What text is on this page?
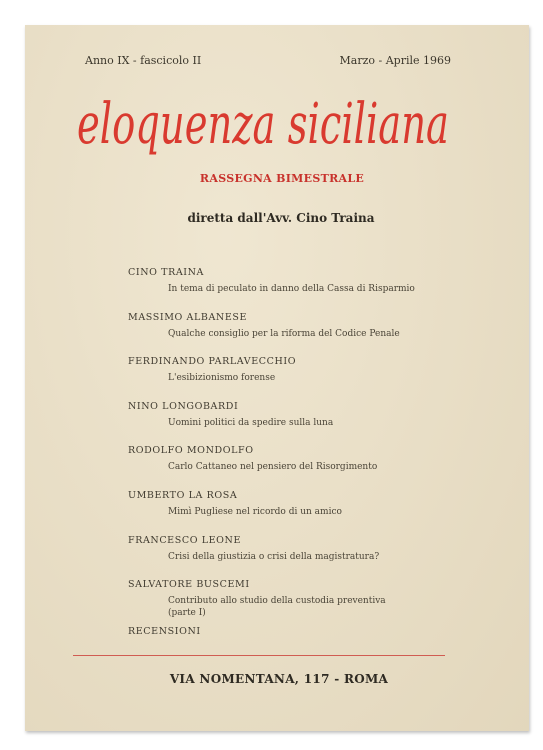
Anno IX - fascicolo II	Marzo - Aprile 1969
eloquenza siciliana
RASSEGNA BIMESTRALE
diretta dall'Avv. Cino Traina
CINO TRAINA
In tema di peculato in danno della Cassa di Risparmio
MASSIMO ALBANESE
Qualche consiglio per la riforma del Codice Penale
FERDINANDO PARLAVECCHIO
L'esibizionismo forense
NINO LONGOBARDI
Uomini politici da spedire sulla luna
RODOLFO MONDOLFO
Carlo Cattaneo nel pensiero del Risorgimento
UMBERTO LA ROSA
Mimì Pugliese nel ricordo di un amico
FRANCESCO LEONE
Crisi della giustizia o crisi della magistratura?
SALVATORE BUSCEMI
Contributo allo studio della custodia preventiva
(parte I)
RECENSIONI
VIA NOMENTANA, 117 - ROMA
